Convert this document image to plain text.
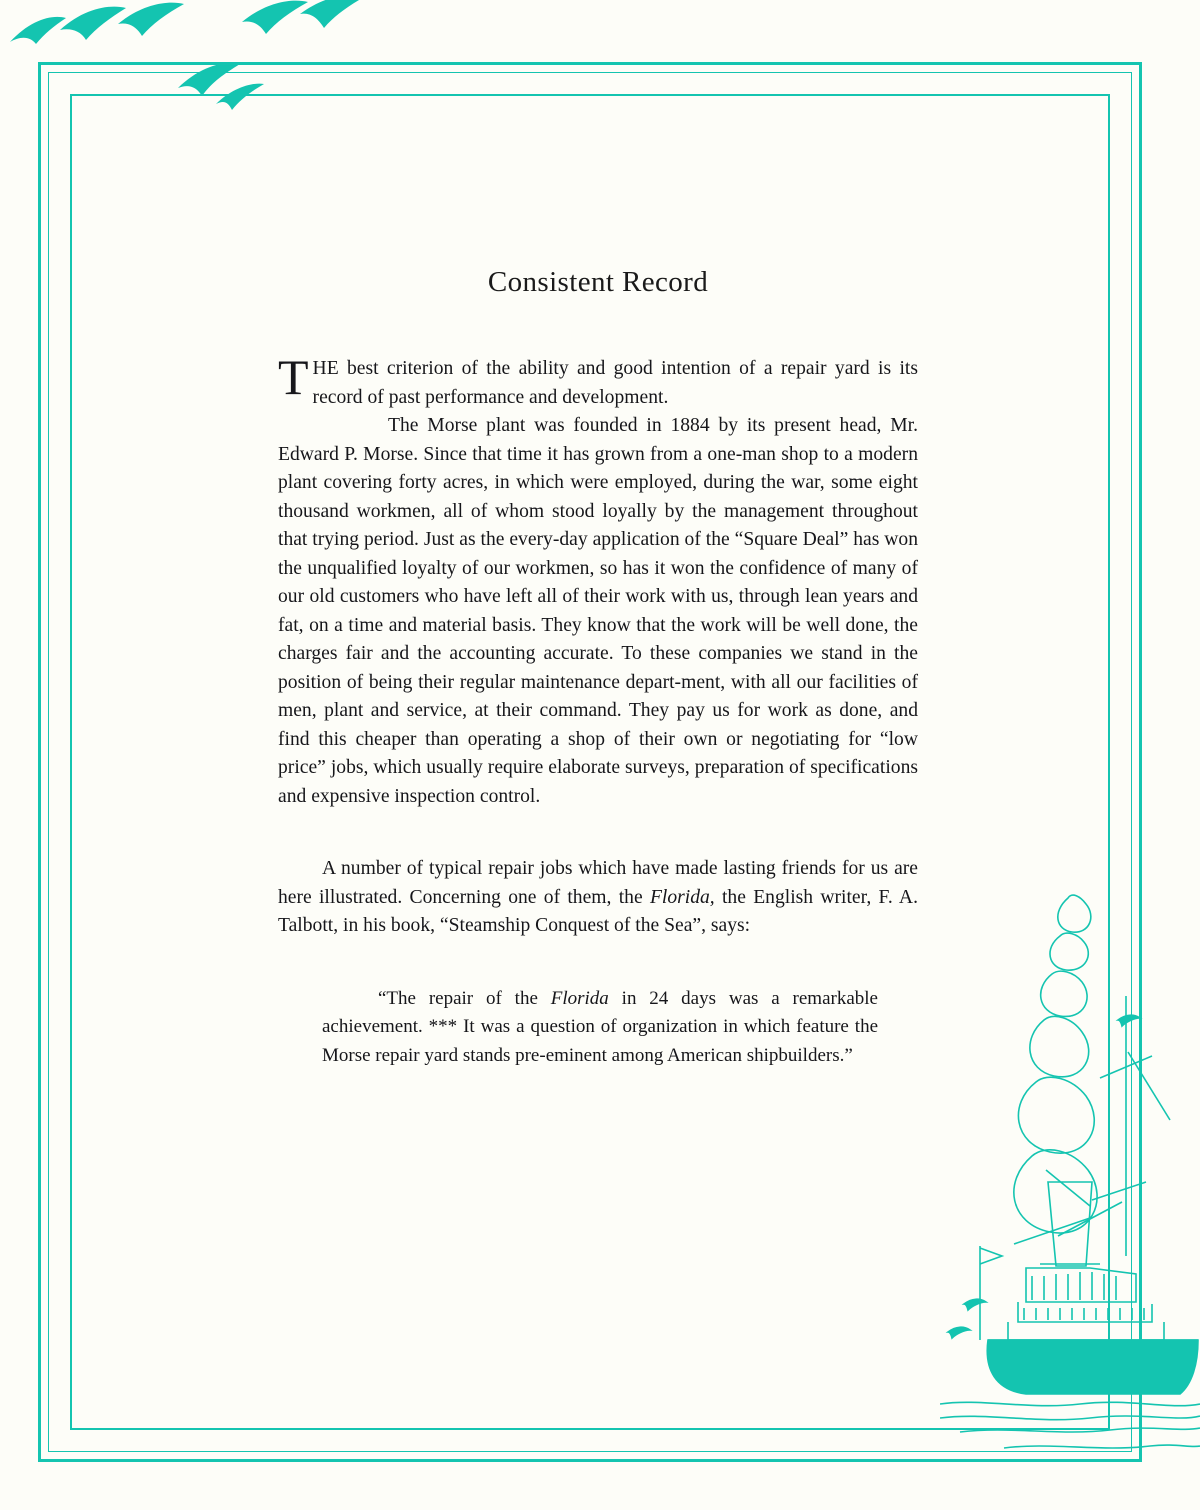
Consistent Record
T HE best criterion of the ability and good intention of a repair yard is its record of past performance and development.

The Morse plant was founded in 1884 by its present head, Mr. Edward P. Morse. Since that time it has grown from a one-man shop to a modern plant covering forty acres, in which were employed, during the war, some eight thousand workmen, all of whom stood loyally by the management throughout that trying period. Just as the every-day application of the “Square Deal” has won the unqualified loyalty of our workmen, so has it won the confidence of many of our old customers who have left all of their work with us, through lean years and fat, on a time and material basis. They know that the work will be well done, the charges fair and the accounting accurate. To these companies we stand in the position of being their regular maintenance depart-ment, with all our facilities of men, plant and service, at their command. They pay us for work as done, and find this cheaper than operating a shop of their own or negotiating for “low price” jobs, which usually require elaborate surveys, preparation of specifications and expensive inspection control.

A number of typical repair jobs which have made lasting friends for us are here illustrated. Concerning one of them, the Florida, the English writer, F. A. Talbott, in his book, “Steamship Conquest of the Sea”, says:

“The repair of the Florida in 24 days was a remarkable achievement. *** It was a question of organization in which feature the Morse repair yard stands pre-eminent among American shipbuilders.”
